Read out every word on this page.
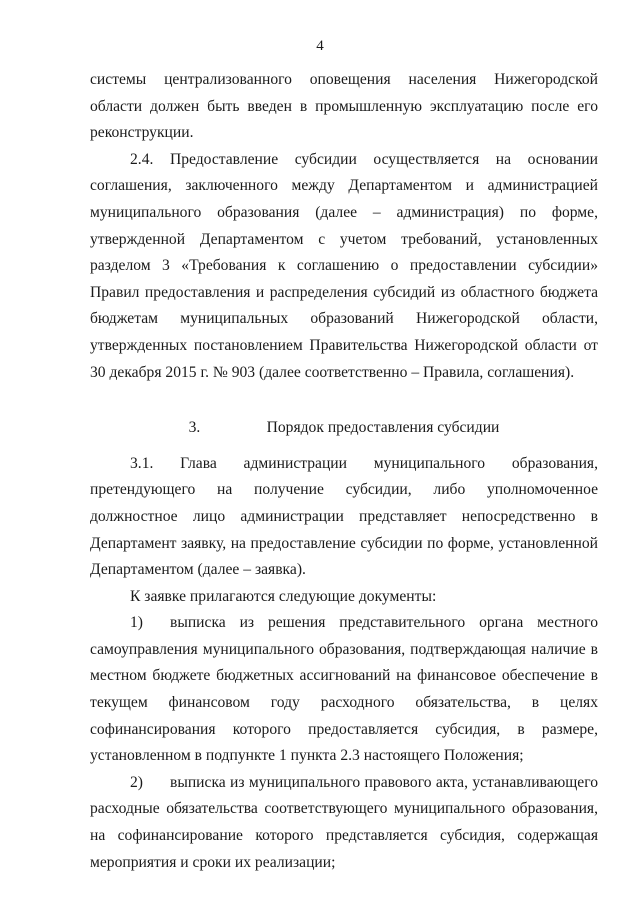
4

системы централизованного оповещения населения Нижегородской области должен быть введен в промышленную эксплуатацию после его реконструкции.

2.4. Предоставление субсидии осуществляется на основании соглашения, заключенного между Департаментом и администрацией муниципального образования (далее – администрация) по форме, утвержденной Департаментом с учетом требований, установленных разделом 3 «Требования к соглашению о предоставлении субсидии» Правил предоставления и распределения субсидий из областного бюджета бюджетам муниципальных образований Нижегородской области, утвержденных постановлением Правительства Нижегородской области от 30 декабря 2015 г. № 903 (далее соответственно – Правила, соглашения).

3.	Порядок предоставления субсидии

3.1. Глава администрации муниципального образования, претендующего на получение субсидии, либо уполномоченное должностное лицо администрации представляет непосредственно в Департамент заявку, на предоставление субсидии по форме, установленной Департаментом (далее – заявка).

К заявке прилагаются следующие документы:

1) выписка из решения представительного органа местного самоуправления муниципального образования, подтверждающая наличие в местном бюджете бюджетных ассигнований на финансовое обеспечение в текущем финансовом году расходного обязательства, в целях софинансирования которого предоставляется субсидия, в размере, установленном в подпункте 1 пункта 2.3 настоящего Положения;

2) выписка из муниципального правового акта, устанавливающего расходные обязательства соответствующего муниципального образования, на софинансирование которого представляется субсидия, содержащая мероприятия и сроки их реализации;
